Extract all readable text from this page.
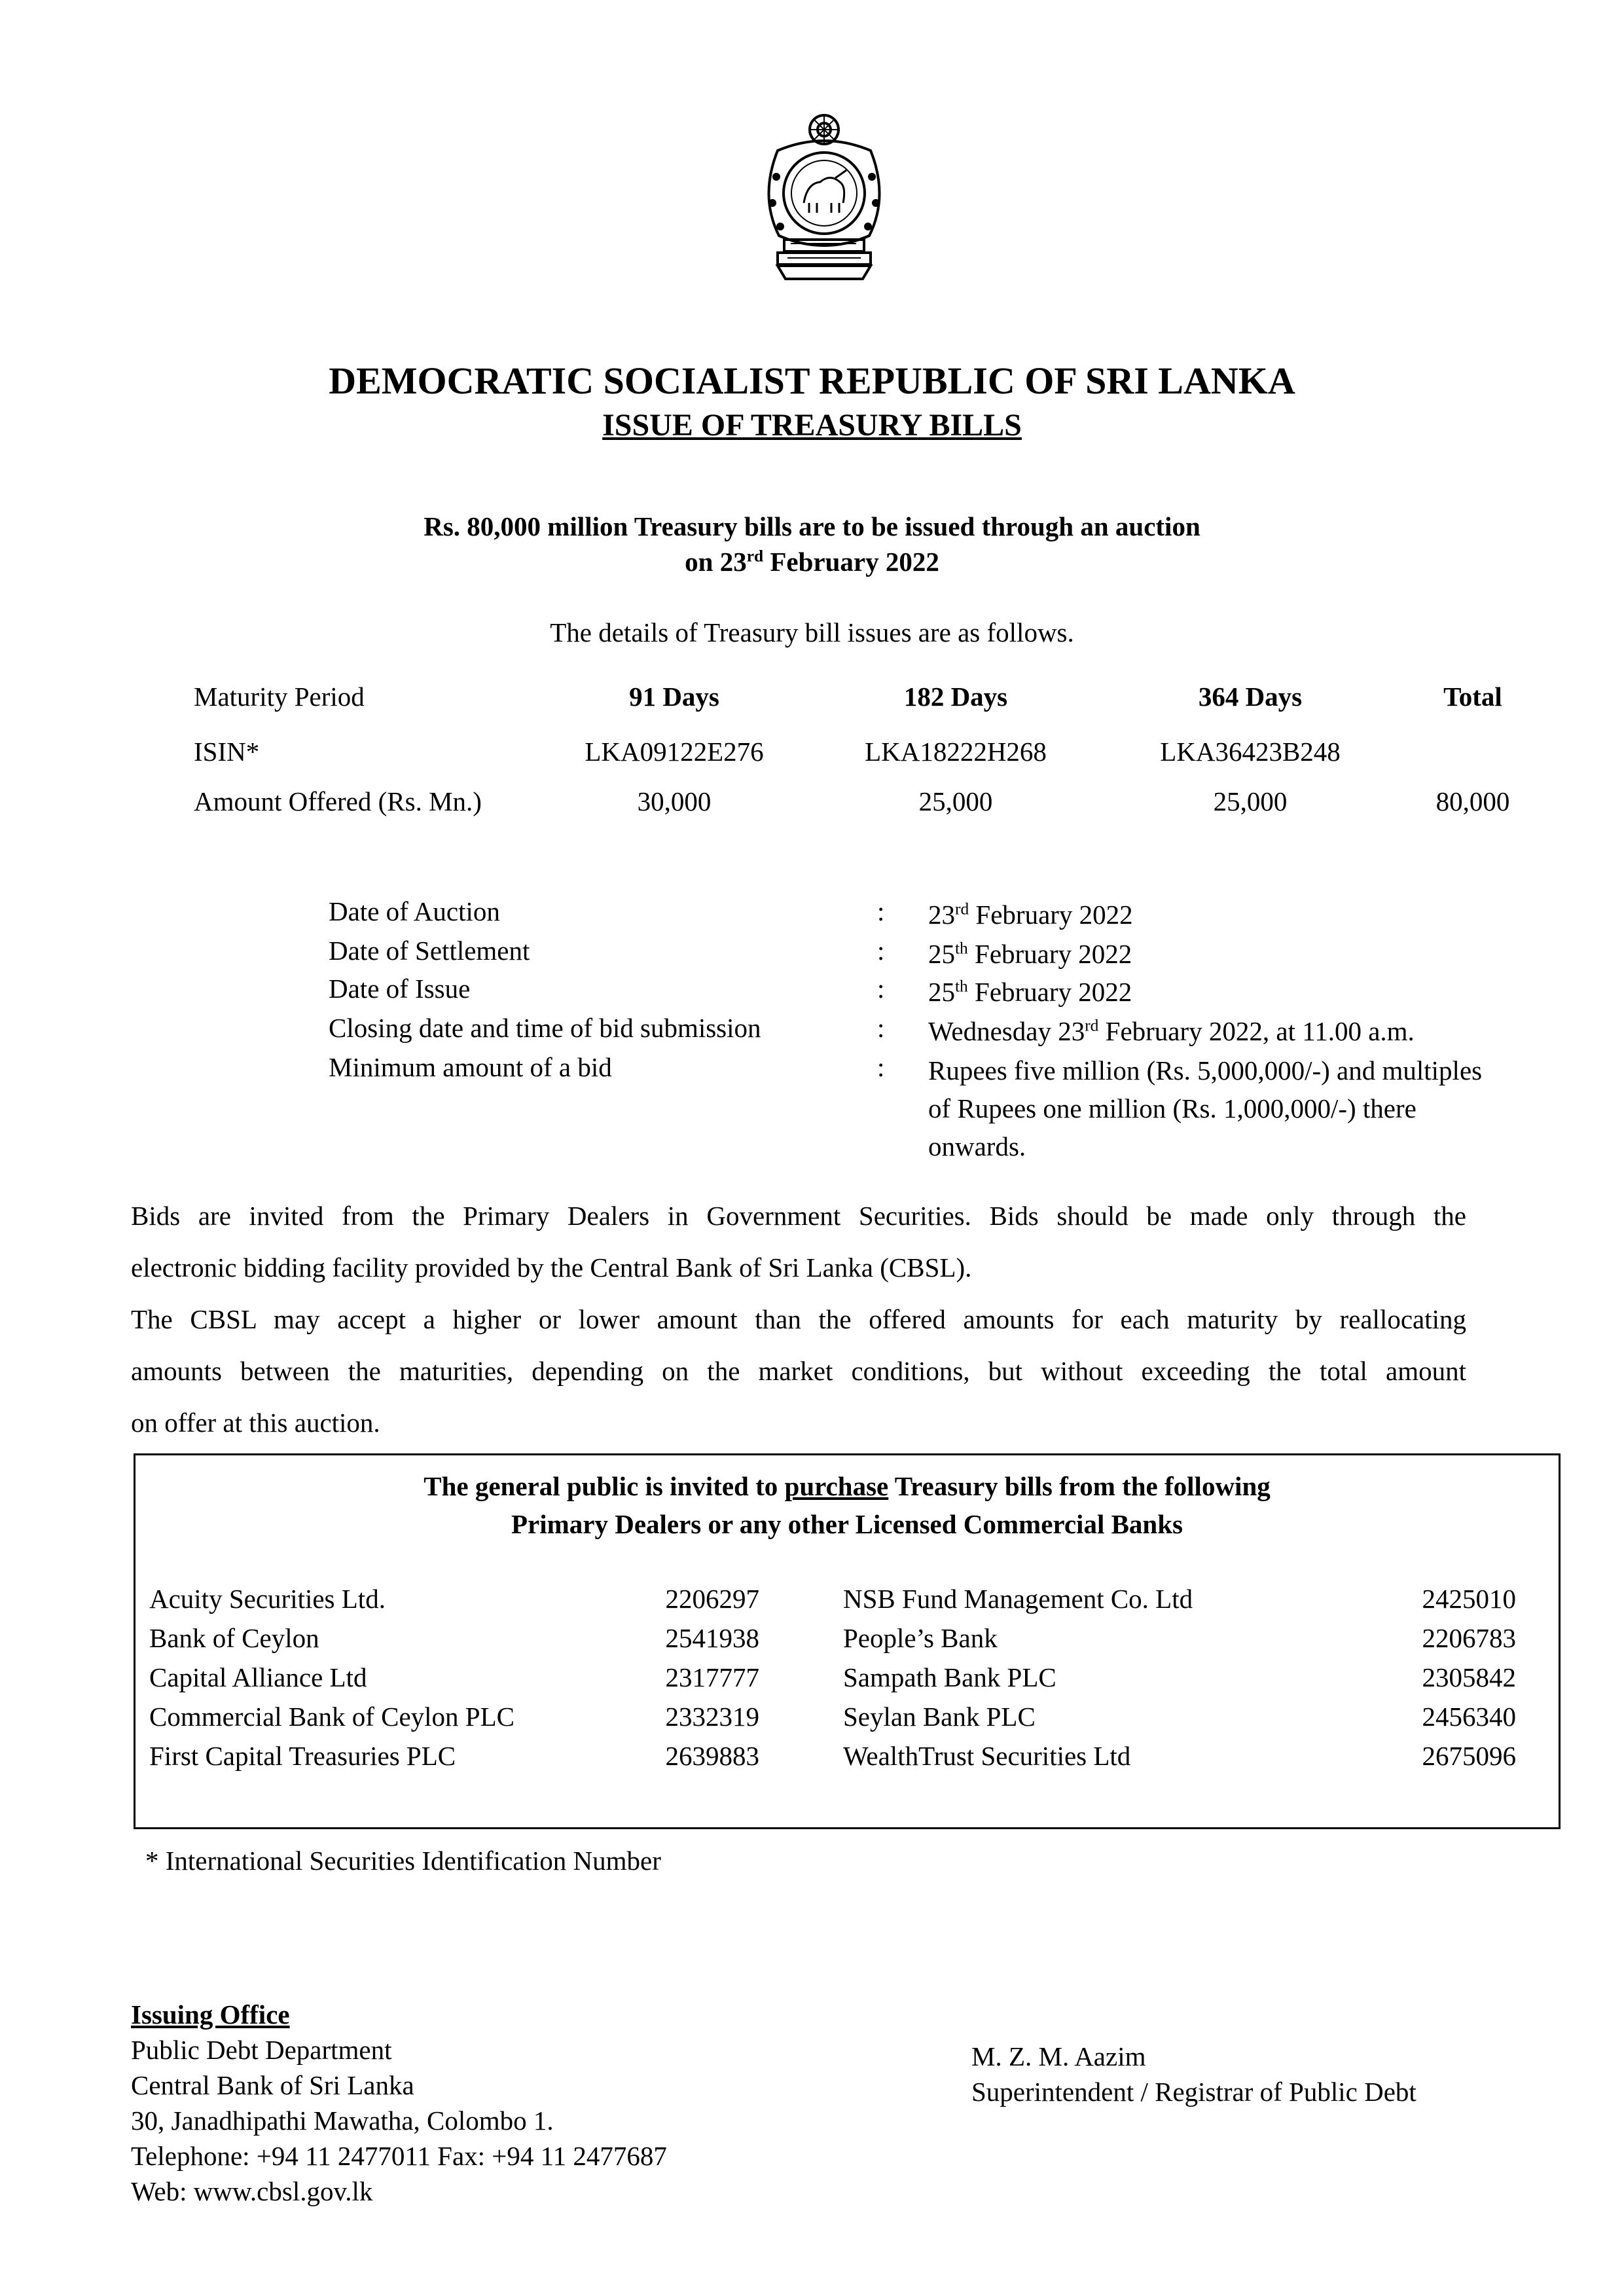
DEMOCRATIC SOCIALIST REPUBLIC OF SRI LANKA
ISSUE OF TREASURY BILLS
Rs. 80,000 million Treasury bills are to be issued through an auction
on 23rd February 2022
The details of Treasury bill issues are as follows.
Maturity Period	91 Days	182 Days	364 Days	Total
ISIN*	LKA09122E276	LKA18222H268	LKA36423B248
Amount Offered (Rs. Mn.)	30,000	25,000	25,000	80,000
Date of Auction	: 23rd February 2022
Date of Settlement	: 25th February 2022
Date of Issue	: 25th February 2022
Closing date and time of bid submission	: Wednesday 23rd February 2022, at 11.00 a.m.
Minimum amount of a bid	: Rupees five million (Rs. 5,000,000/-) and multiples
of Rupees one million (Rs. 1,000,000/-) there
onwards.
Bids are invited from the Primary Dealers in Government Securities. Bids should be made only through the
electronic bidding facility provided by the Central Bank of Sri Lanka (CBSL).
The CBSL may accept a higher or lower amount than the offered amounts for each maturity by reallocating
amounts between the maturities, depending on the market conditions, but without exceeding the total amount
on offer at this auction.
The general public is invited to purchase Treasury bills from the following
Primary Dealers or any other Licensed Commercial Banks
Acuity Securities Ltd.	2206297
Bank of Ceylon	2541938
Capital Alliance Ltd	2317777
Commercial Bank of Ceylon PLC	2332319
First Capital Treasuries PLC	2639883
NSB Fund Management Co. Ltd	2425010
People’s Bank	2206783
Sampath Bank PLC	2305842
Seylan Bank PLC	2456340
WealthTrust Securities Ltd	2675096
* International Securities Identification Number
Issuing Office
Public Debt Department
Central Bank of Sri Lanka
30, Janadhipathi Mawatha, Colombo 1.
Telephone: +94 11 2477011 Fax: +94 11 2477687
Web: www.cbsl.gov.lk
M. Z. M. Aazim
Superintendent / Registrar of Public Debt
